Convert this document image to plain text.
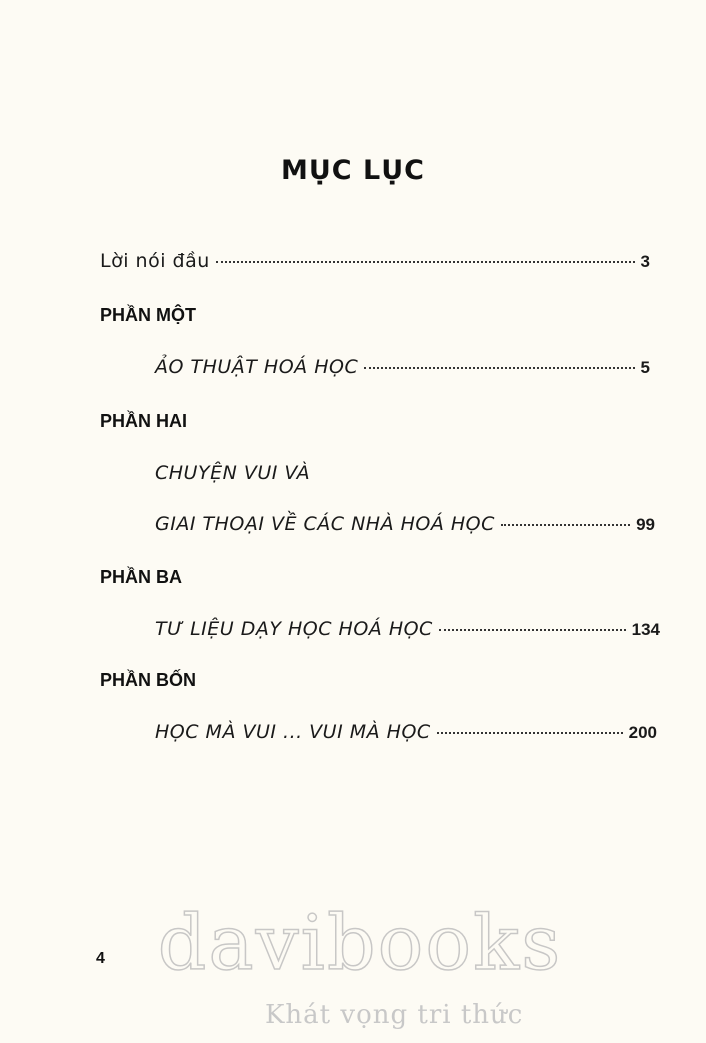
MỤC LỤC
Lời nói đầu	3
PHẦN MỘT
ẢO THUẬT HOÁ HỌC	5
PHẦN HAI
CHUYỆN VUI VÀ
GIAI THOẠI VỀ CÁC NHÀ HOÁ HỌC	99
PHẦN BA
TƯ LIỆU DẠY HỌC HOÁ HỌC	134
PHẦN BỐN
HỌC MÀ VUI ... VUI MÀ HỌC	200
4 davibooks
Khát vọng tri thức
